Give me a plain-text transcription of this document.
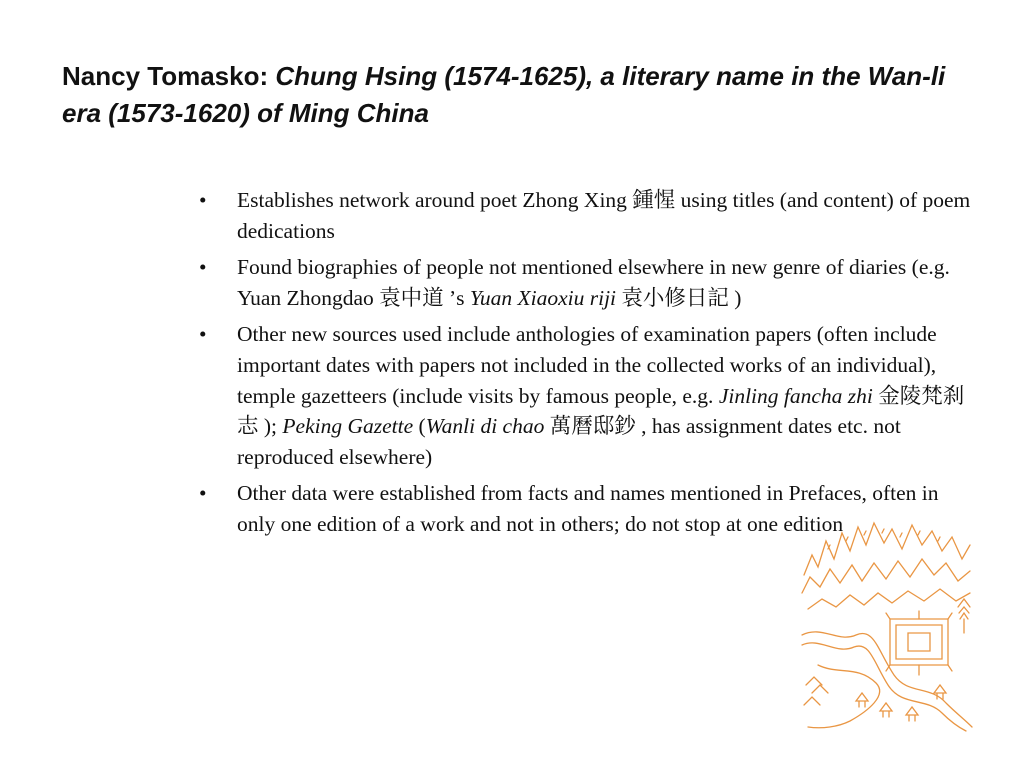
Nancy Tomasko: Chung Hsing (1574-1625), a literary name in the Wan-li era (1573-1620) of Ming China
•	Establishes network around poet Zhong Xing 鍾惺 using titles (and content) of poem dedications
•	Found biographies of people not mentioned elsewhere in new genre of diaries (e.g. Yuan Zhongdao 袁中道 ’s Yuan Xiaoxiu riji 袁小修日記 )
•	Other new sources used include anthologies of examination papers (often include important dates with papers not included in the collected works of an individual), temple gazetteers (include visits by famous people, e.g. Jinling fancha zhi 金陵梵刹志 ); Peking Gazette (Wanli di chao 萬曆邸鈔 , has assignment dates etc. not reproduced elsewhere)
•	Other data were established from facts and names mentioned in Prefaces, often in only one edition of a work and not in others; do not stop at one edition
